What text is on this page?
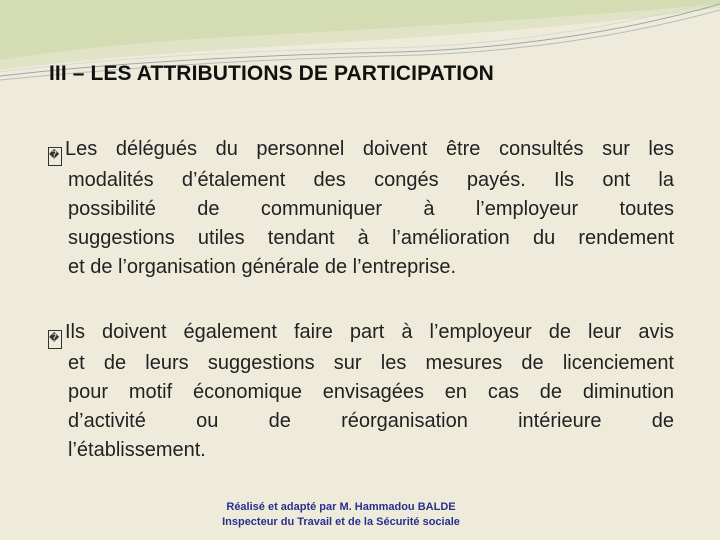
III – LES ATTRIBUTIONS DE PARTICIPATION
� Les délégués du personnel doivent être consultés sur les
modalités d’étalement des congés payés. Ils ont la
possibilité de communiquer à l’employeur toutes
suggestions utiles tendant à l’amélioration du rendement
et de l’organisation générale de l’entreprise.
� Ils doivent également faire part à l’employeur de leur avis
et de leurs suggestions sur les mesures de licenciement
pour motif économique envisagées en cas de diminution
d’activité ou de réorganisation intérieure de
l’établissement.
Réalisé et adapté par M. Hammadou BALDE
Inspecteur du Travail et de la Sécurité sociale
